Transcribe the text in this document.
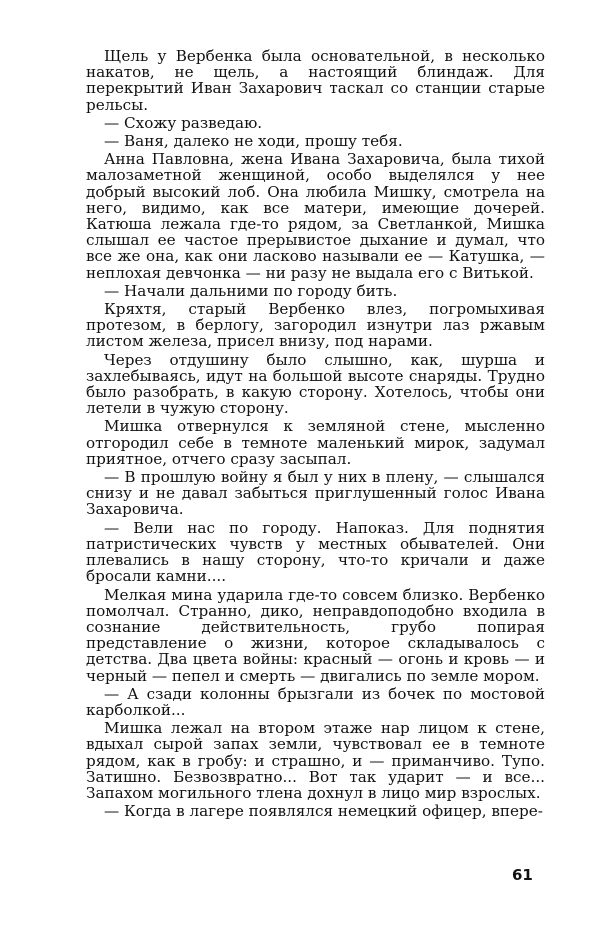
Щель у Вербенка была основательной, в несколько накатов, не щель, а настоящий блиндаж. Для перекрытий Иван Захарович таскал со станции старые рельсы.

— Схожу разведаю.

— Ваня, далеко не ходи, прошу тебя.

Анна Павловна, жена Ивана Захаровича, была тихой малозаметной женщиной, особо выделялся у нее добрый высокий лоб. Она любила Мишку, смотрела на него, видимо, как все матери, имеющие дочерей. Катюша лежала где-то рядом, за Светланкой, Мишка слышал ее частое прерывистое дыхание и думал, что все же она, как они ласково называли ее — Катушка, — неплохая девчонка — ни разу не выдала его с Витькой.

— Начали дальними по городу бить.

Кряхтя, старый Вербенко влез, погромыхивая протезом, в берлогу, загородил изнутри лаз ржавым листом железа, присел внизу, под нарами.

Через отдушину было слышно, как, шурша и захлебываясь, идут на большой высоте снаряды. Трудно было разобрать, в какую сторону. Хотелось, чтобы они летели в чужую сторону.

Мишка отвернулся к земляной стене, мысленно отгородил себе в темноте маленький мирок, задумал приятное, отчего сразу засыпал.

— В прошлую войну я был у них в плену, — слышался снизу и не давал забыться приглушенный голос Ивана Захаровича.

— Вели нас по городу. Напоказ. Для поднятия патристических чувств у местных обывателей. Они плевались в нашу сторону, что-то кричали и даже бросали камни....

Мелкая мина ударила где-то совсем близко. Вербенко помолчал. Странно, дико, неправдоподобно входила в сознание действительность, грубо попирая представление о жизни, которое складывалось с детства. Два цвета войны: красный — огонь и кровь — и черный — пепел и смерть — двигались по земле мором.

— А сзади колонны брызгали из бочек по мостовой карболкой...

Мишка лежал на втором этаже нар лицом к стене, вдыхал сырой запах земли, чувствовал ее в темноте рядом, как в гробу: и страшно, и — приманчиво. Тупо. Затишно. Безвозвратно... Вот так ударит — и все... Запахом могильного тлена дохнул в лицо мир взрослых.

— Когда в лагере появлялся немецкий офицер, впере-

61
